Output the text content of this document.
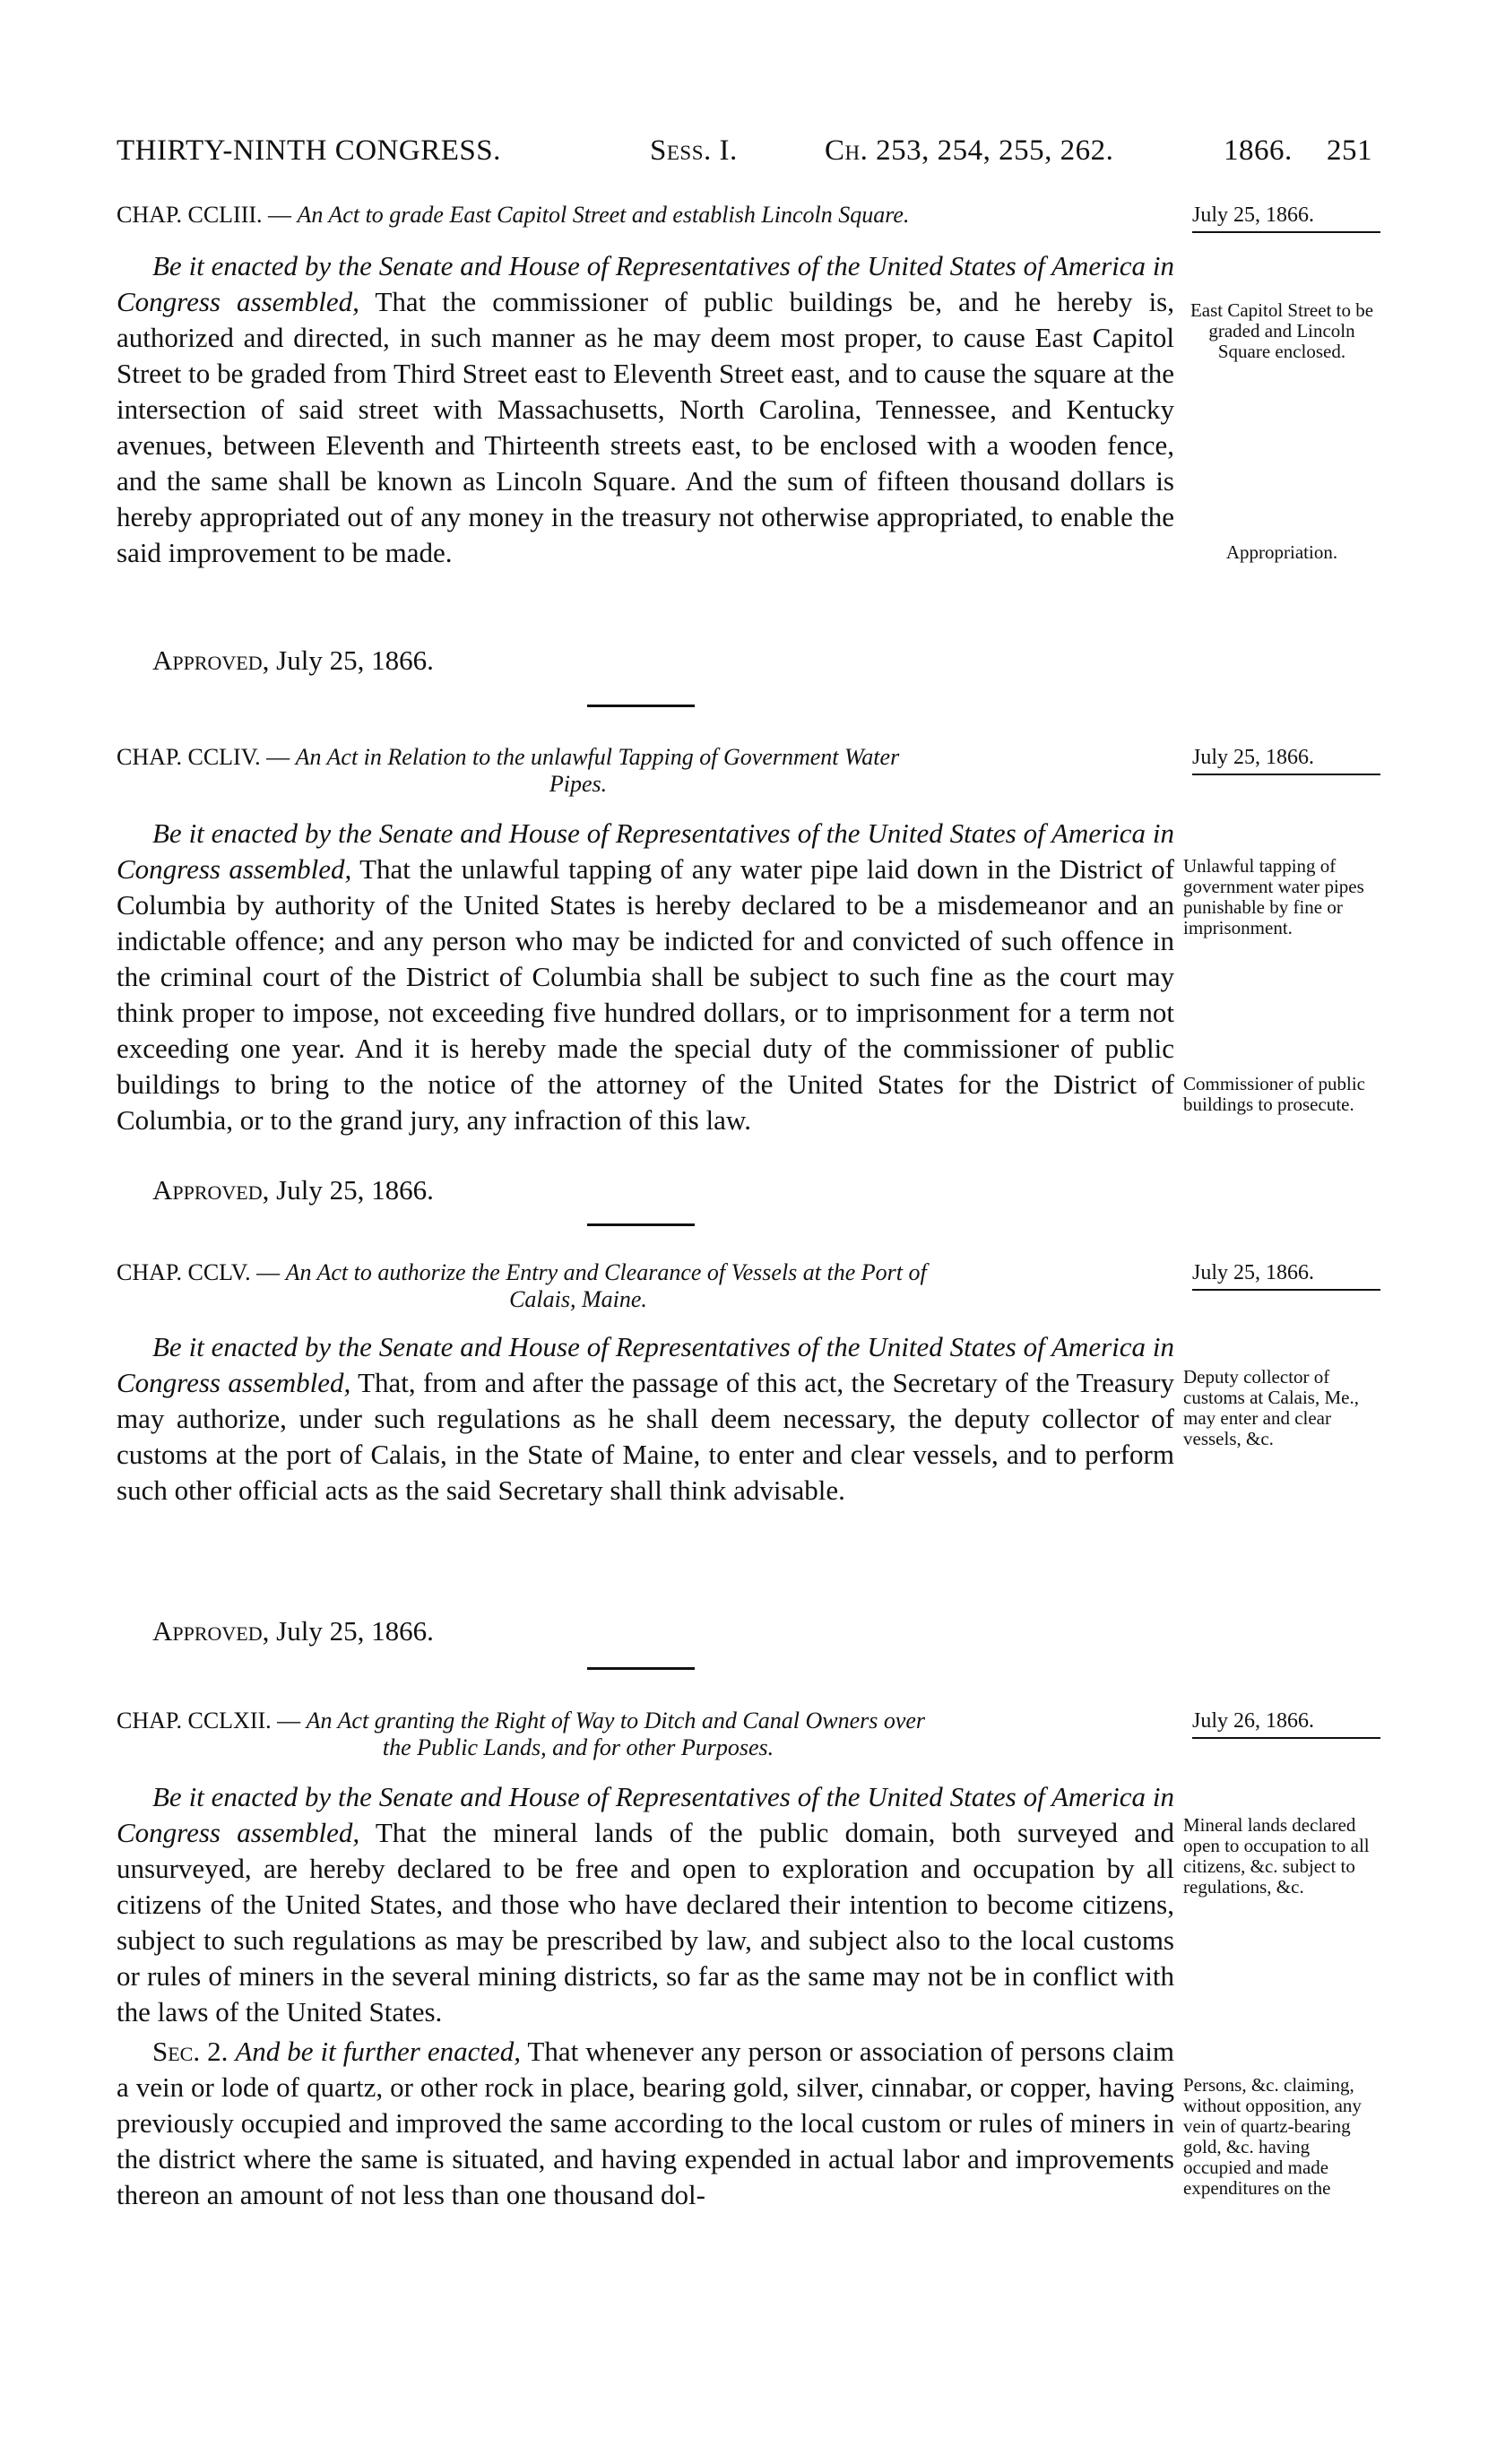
THIRTY-NINTH CONGRESS.	Sess. I.	Ch. 253, 254, 255, 262.	1866. 251
CHAP. CCLIII. — An Act to grade East Capitol Street and establish Lincoln Square.	July 25, 1866.

Be it enacted by the Senate and House of Representatives of the United States of America in Congress assembled, That the commissioner of public buildings be, and he hereby is, authorized and directed, in such manner as he may deem most proper, to cause East Capitol Street to be graded from Third Street east to Eleventh Street east, and to cause the square at the intersection of said street with Massachusetts, North Carolina, Tennessee, and Kentucky avenues, between Eleventh and Thirteenth streets east, to be enclosed with a wooden fence, and the same shall be known as Lincoln Square. And the sum of fifteen thousand dollars is hereby appropriated out of any money in the treasury not otherwise appropriated, to enable the said improvement to be made.

Approved, July 25, 1866.
East Capitol Street to be graded and Lincoln Square enclosed.
Appropriation.
CHAP. CCLIV. — An Act in Relation to the unlawful Tapping of Government Water
Pipes.
July 25, 1866.

Be it enacted by the Senate and House of Representatives of the United States of America in Congress assembled, That the unlawful tapping of any water pipe laid down in the District of Columbia by authority of the United States is hereby declared to be a misdemeanor and an indictable offence; and any person who may be indicted for and convicted of such offence in the criminal court of the District of Columbia shall be subject to such fine as the court may think proper to impose, not exceeding five hundred dollars, or to imprisonment for a term not exceeding one year. And it is hereby made the special duty of the commissioner of public buildings to bring to the notice of the attorney of the United States for the District of Columbia, or to the grand jury, any infraction of this law.

Approved, July 25, 1866.
Unlawful tapping of government water pipes punishable by fine or imprisonment.
Commissioner of public buildings to prosecute.
CHAP. CCLV. — An Act to authorize the Entry and Clearance of Vessels at the Port of
Calais, Maine.
July 25, 1866.

Be it enacted by the Senate and House of Representatives of the United States of America in Congress assembled, That, from and after the passage of this act, the Secretary of the Treasury may authorize, under such regulations as he shall deem necessary, the deputy collector of customs at the port of Calais, in the State of Maine, to enter and clear vessels, and to perform such other official acts as the said Secretary shall think advisable.

Approved, July 25, 1866.
Deputy collector of customs at Calais, Me., may enter and clear vessels, &c.
CHAP. CCLXII. — An Act granting the Right of Way to Ditch and Canal Owners over
the Public Lands, and for other Purposes.
July 26, 1866.

Be it enacted by the Senate and House of Representatives of the United States of America in Congress assembled, That the mineral lands of the public domain, both surveyed and unsurveyed, are hereby declared to be free and open to exploration and occupation by all citizens of the United States, and those who have declared their intention to become citizens, subject to such regulations as may be prescribed by law, and subject also to the local customs or rules of miners in the several mining districts, so far as the same may not be in conflict with the laws of the United States.

Sec. 2. And be it further enacted, That whenever any person or association of persons claim a vein or lode of quartz, or other rock in place, bearing gold, silver, cinnabar, or copper, having previously occupied and improved the same according to the local custom or rules of miners in the district where the same is situated, and having expended in actual labor and improvements thereon an amount of not less than one thousand dol-

Mineral lands declared open to occupation to all citizens, &c. subject to regulations, &c.
Persons, &c. claiming, without opposition, any vein of quartz-bearing gold, &c. having occupied and made expenditures on the
